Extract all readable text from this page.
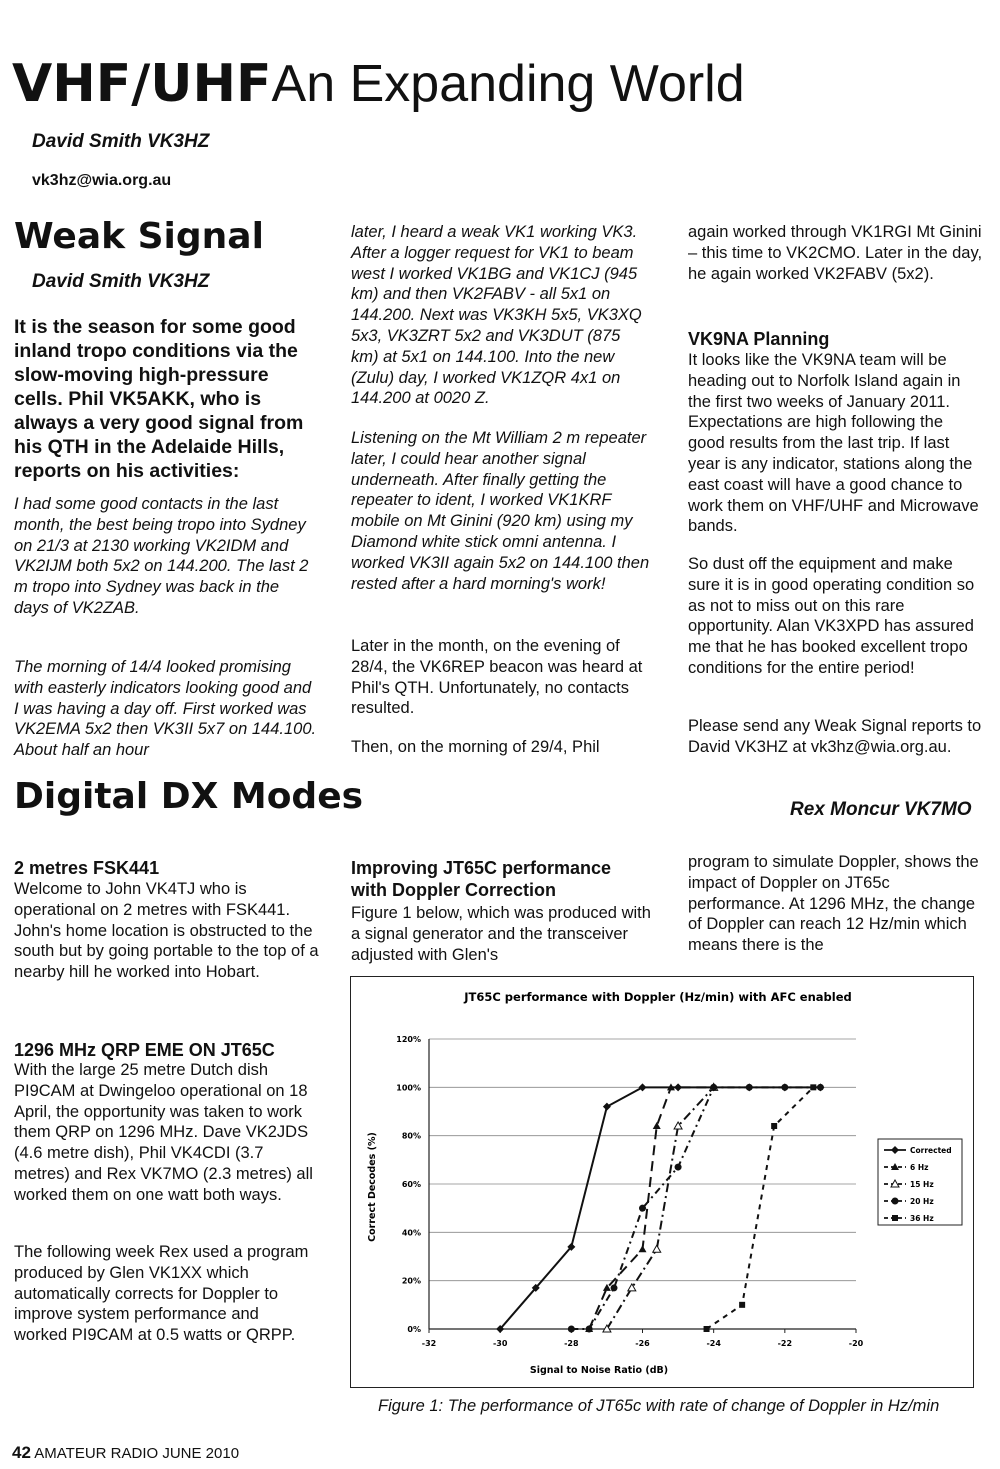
VHF/UHFAn Expanding World
David Smith VK3HZ
vk3hz@wia.org.au
Weak Signal
David Smith VK3HZ
It is the season for some good inland tropo conditions via the slow-moving high-pressure cells. Phil VK5AKK, who is always a very good signal from his QTH in the Adelaide Hills, reports on his activities:
I had some good contacts in the last month, the best being tropo into Sydney on 21/3 at 2130 working VK2IDM and VK2IJM both 5x2 on 144.200. The last 2 m tropo into Sydney was back in the days of VK2ZAB.
The morning of 14/4 looked promising with easterly indicators looking good and I was having a day off. First worked was VK2EMA 5x2 then VK3II 5x7 on 144.100. About half an hour
later, I heard a weak VK1 working VK3. After a logger request for VK1 to beam west I worked VK1BG and VK1CJ (945 km) and then VK2FABV - all 5x1 on 144.200. Next was VK3KH 5x5, VK3XQ 5x3, VK3ZRT 5x2 and VK3DUT (875 km) at 5x1 on 144.100. Into the new (Zulu) day, I worked VK1ZQR 4x1 on 144.200 at 0020 Z.
Listening on the Mt William 2 m repeater later, I could hear another signal underneath. After finally getting the repeater to ident, I worked VK1KRF mobile on Mt Ginini (920 km) using my Diamond white stick omni antenna. I worked VK3II again 5x2 on 144.100 then rested after a hard morning's work!
Later in the month, on the evening of 28/4, the VK6REP beacon was heard at Phil's QTH. Unfortunately, no contacts resulted.
Then, on the morning of 29/4, Phil
again worked through VK1RGI Mt Ginini – this time to VK2CMO. Later in the day, he again worked VK2FABV (5x2).
VK9NA Planning
It looks like the VK9NA team will be heading out to Norfolk Island again in the first two weeks of January 2011. Expectations are high following the good results from the last trip. If last year is any indicator, stations along the east coast will have a good chance to work them on VHF/UHF and Microwave bands.
So dust off the equipment and make sure it is in good operating condition so as not to miss out on this rare opportunity. Alan VK3XPD has assured me that he has booked excellent tropo conditions for the entire period!
Please send any Weak Signal reports to David VK3HZ at vk3hz@wia.org.au.
Digital DX Modes	Rex Moncur VK7MO
2 metres FSK441
Welcome to John VK4TJ who is operational on 2 metres with FSK441. John's home location is obstructed to the south but by going portable to the top of a nearby hill he worked into Hobart.
1296 MHz QRP EME ON JT65C
With the large 25 metre Dutch dish PI9CAM at Dwingeloo operational on 18 April, the opportunity was taken to work them QRP on 1296 MHz. Dave VK2JDS (4.6 metre dish), Phil VK4CDI (3.7 metres) and Rex VK7MO (2.3 metres) all worked them on one watt both ways.
The following week Rex used a program produced by Glen VK1XX which automatically corrects for Doppler to improve system performance and worked PI9CAM at 0.5 watts or QRPP.
Improving JT65C performance with Doppler Correction
Figure 1 below, which was produced with a signal generator and the transceiver adjusted with Glen's
program to simulate Doppler, shows the impact of Doppler on JT65c performance. At 1296 MHz, the change of Doppler can reach 12 Hz/min which means there is the
JT65C performance with Doppler (Hz/min) with AFC enabled
Signal to Noise Ratio (dB)
Correct Decodes (%)
0%
20%
40%
60%
80%
100%
120%
-32	-30	-28	-26	-24	-22	-20
Corrected
6 Hz
15 Hz
20 Hz
36 Hz
Figure 1: The performance of JT65c with rate of change of Doppler in Hz/min
42 AMATEUR RADIO JUNE 2010
